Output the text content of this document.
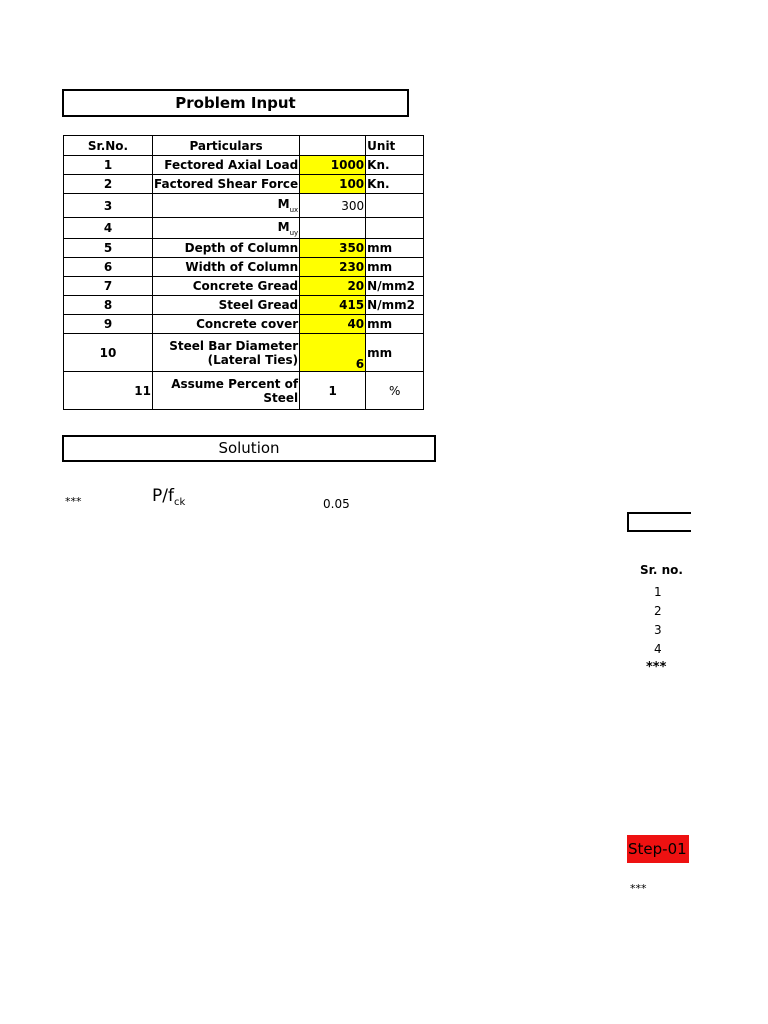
Problem Input
Sr.No.	Particulars		Unit
1	Fectored Axial Load	1000	Kn.
2	Factored Shear Force	100	Kn.
3	$M_{ux}$	300	
4	$M_{uy}$		
5	Depth of Column	350	mm
6	Width of Column	230	mm
7	Concrete Gread	20	N/mm2
8	Steel Gread	415	N/mm2
9	Concrete cover	40	mm
10	Steel Bar Diameter
(Lateral Ties)	6	mm
11	Assume Percent of
Steel	1	%
Solution
***	$P/f_{ck}$	0.05
Sr. no.
1
2
3
4
***
Step-01
***
